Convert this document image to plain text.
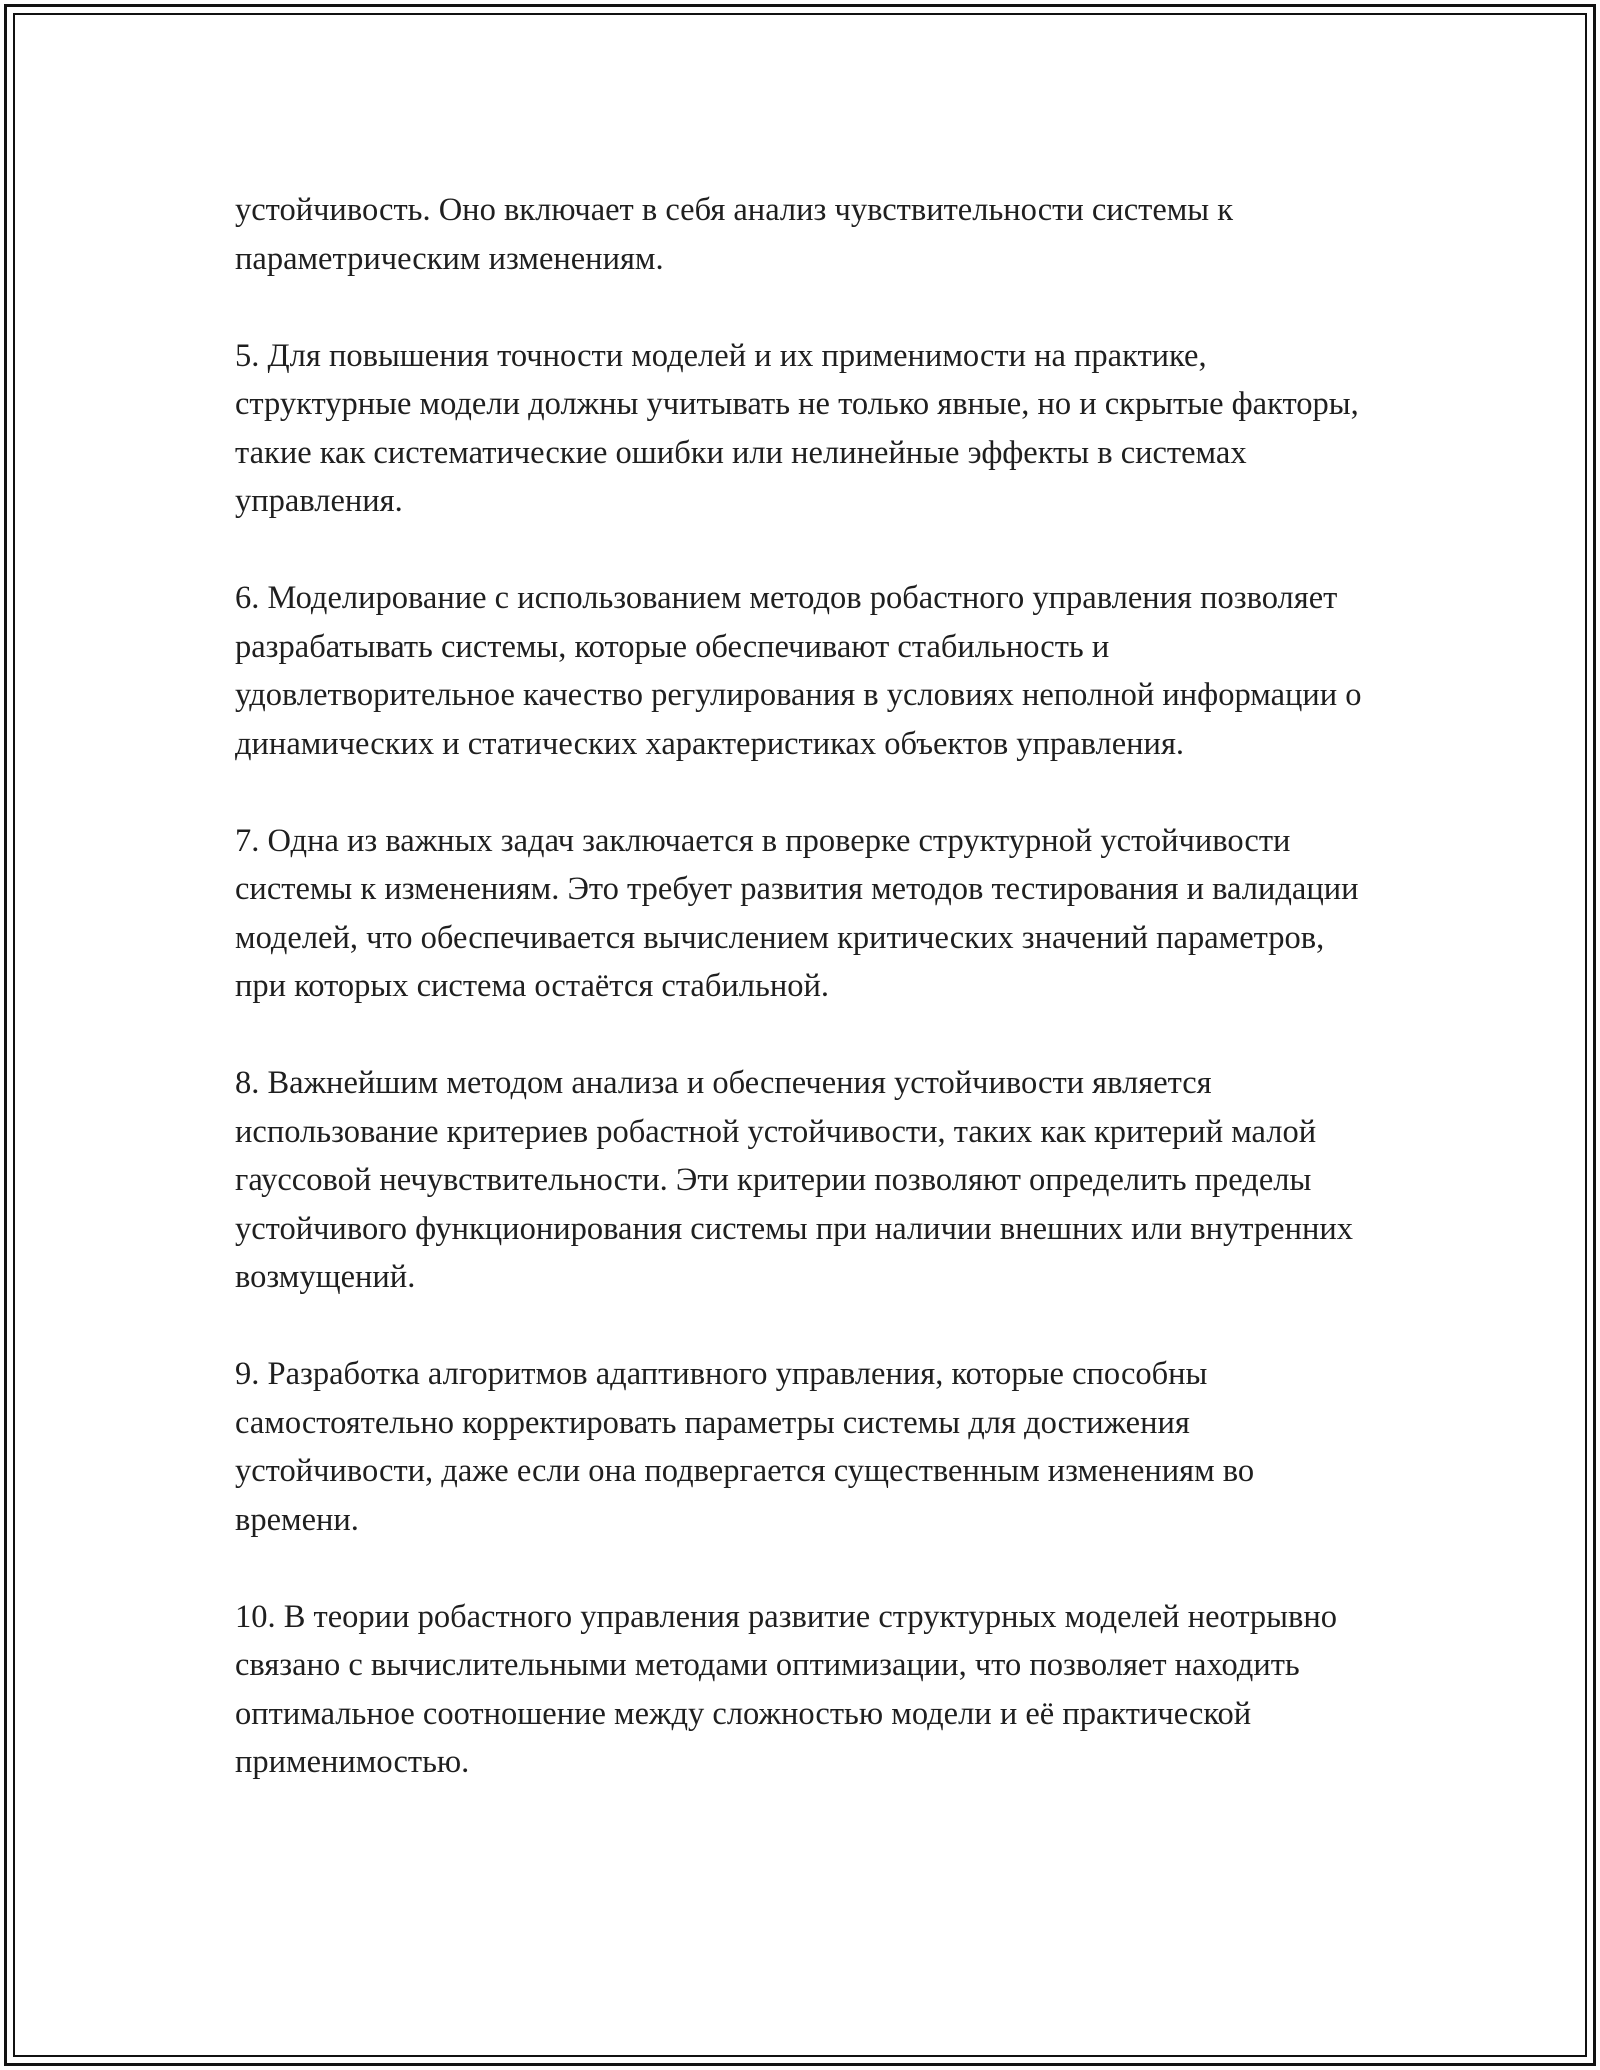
устойчивость. Оно включает в себя анализ чувствительности системы к параметрическим изменениям.

5. Для повышения точности моделей и их применимости на практике, структурные модели должны учитывать не только явные, но и скрытые факторы, такие как систематические ошибки или нелинейные эффекты в системах управления.

6. Моделирование с использованием методов робастного управления позволяет разрабатывать системы, которые обеспечивают стабильность и удовлетворительное качество регулирования в условиях неполной информации о динамических и статических характеристиках объектов управления.

7. Одна из важных задач заключается в проверке структурной устойчивости системы к изменениям. Это требует развития методов тестирования и валидации моделей, что обеспечивается вычислением критических значений параметров, при которых система остаётся стабильной.

8. Важнейшим методом анализа и обеспечения устойчивости является использование критериев робастной устойчивости, таких как критерий малой гауссовой нечувствительности. Эти критерии позволяют определить пределы устойчивого функционирования системы при наличии внешних или внутренних возмущений.

9. Разработка алгоритмов адаптивного управления, которые способны самостоятельно корректировать параметры системы для достижения устойчивости, даже если она подвергается существенным изменениям во времени.

10. В теории робастного управления развитие структурных моделей неотрывно связано с вычислительными методами оптимизации, что позволяет находить оптимальное соотношение между сложностью модели и её практической применимостью.
